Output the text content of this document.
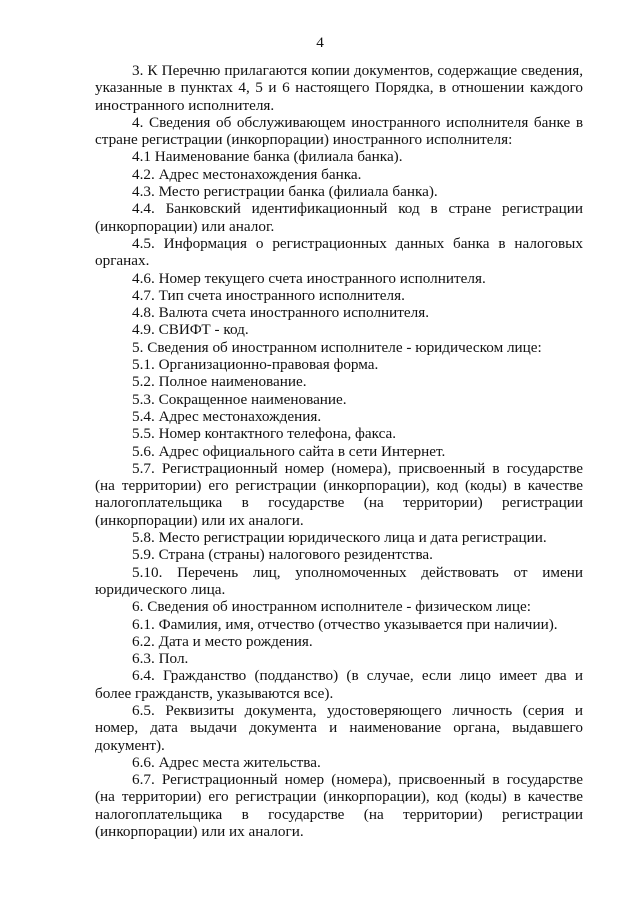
4

3. К Перечню прилагаются копии документов, содержащие сведения, указанные в пунктах 4, 5 и 6 настоящего Порядка, в отношении каждого иностранного исполнителя.

4. Сведения об обслуживающем иностранного исполнителя банке в стране регистрации (инкорпорации) иностранного исполнителя:

4.1 Наименование банка (филиала банка).

4.2. Адрес местонахождения банка.

4.3. Место регистрации банка (филиала банка).

4.4. Банковский идентификационный код в стране регистрации (инкорпорации) или аналог.

4.5. Информация о регистрационных данных банка в налоговых органах.

4.6. Номер текущего счета иностранного исполнителя.

4.7. Тип счета иностранного исполнителя.

4.8. Валюта счета иностранного исполнителя.

4.9. СВИФТ - код.

5. Сведения об иностранном исполнителе - юридическом лице:

5.1. Организационно-правовая форма.

5.2. Полное наименование.

5.3. Сокращенное наименование.

5.4. Адрес местонахождения.

5.5. Номер контактного телефона, факса.

5.6. Адрес официального сайта в сети Интернет.

5.7. Регистрационный номер (номера), присвоенный в государстве (на территории) его регистрации (инкорпорации), код (коды) в качестве налогоплательщика в государстве (на территории) регистрации (инкорпорации) или их аналоги.

5.8. Место регистрации юридического лица и дата регистрации.

5.9. Страна (страны) налогового резидентства.

5.10. Перечень лиц, уполномоченных действовать от имени юридического лица.

6. Сведения об иностранном исполнителе - физическом лице:

6.1. Фамилия, имя, отчество (отчество указывается при наличии).

6.2. Дата и место рождения.

6.3. Пол.

6.4. Гражданство (подданство) (в случае, если лицо имеет два и более гражданств, указываются все).

6.5. Реквизиты документа, удостоверяющего личность (серия и номер, дата выдачи документа и наименование органа, выдавшего документ).

6.6. Адрес места жительства.

6.7. Регистрационный номер (номера), присвоенный в государстве (на территории) его регистрации (инкорпорации), код (коды) в качестве налогоплательщика в государстве (на территории) регистрации (инкорпорации) или их аналоги.
